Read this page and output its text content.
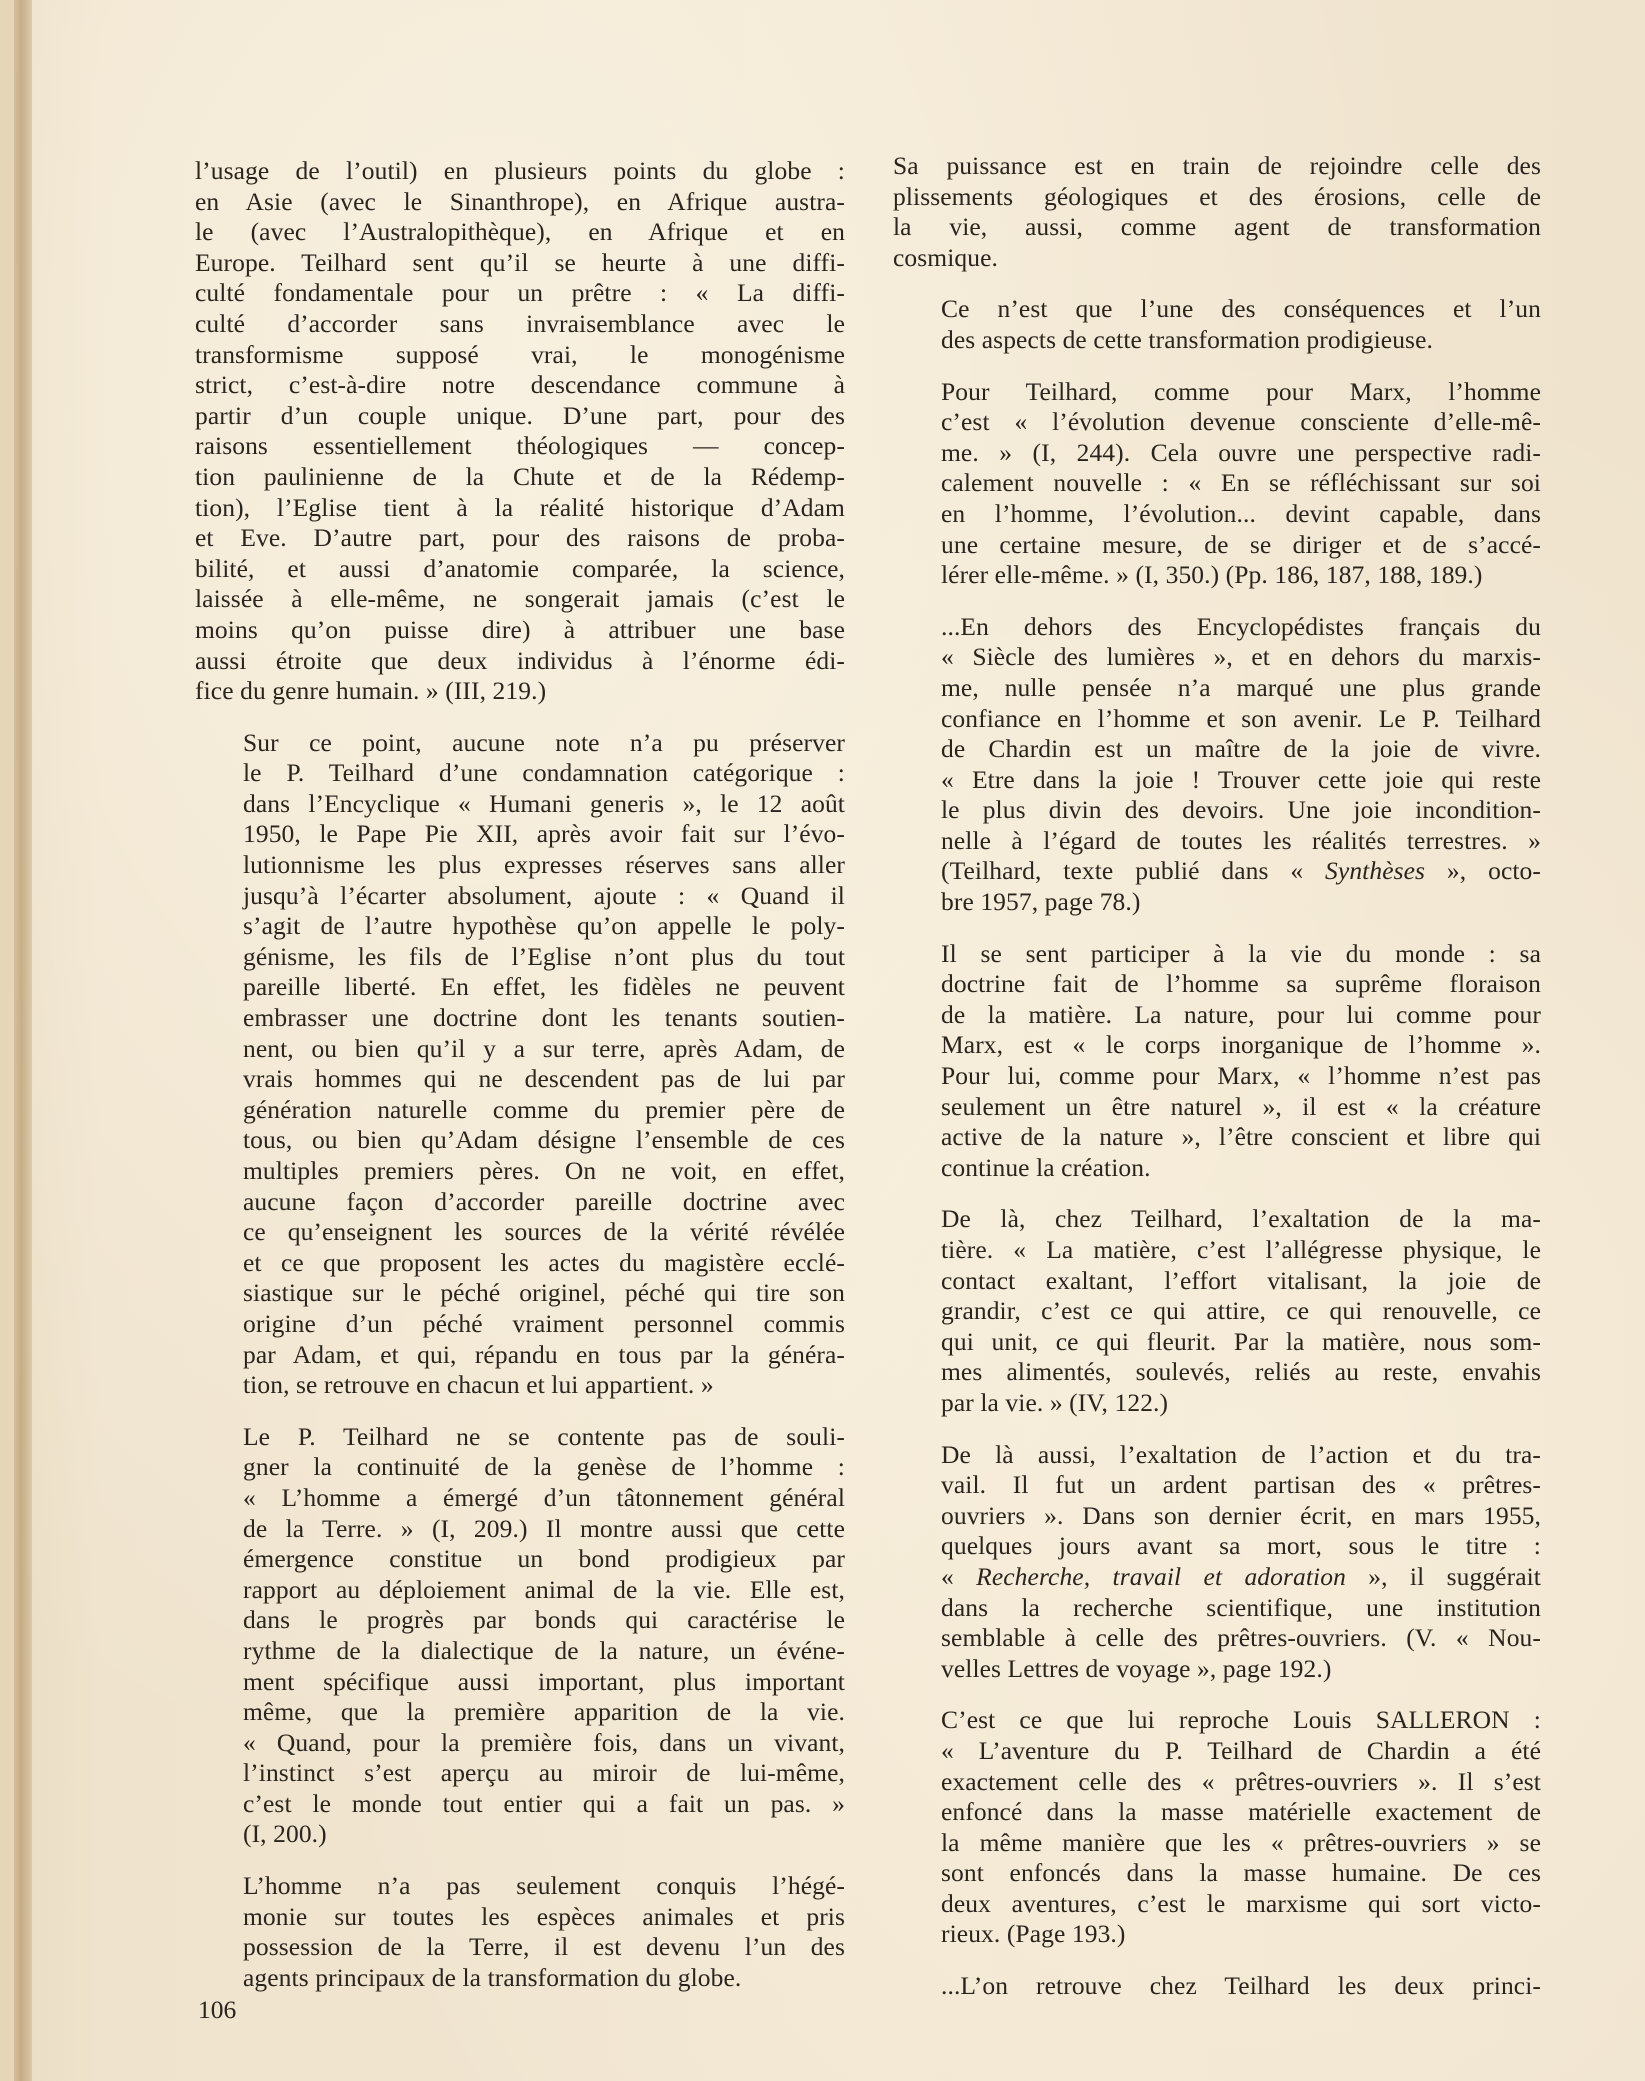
l’usage de l’outil) en plusieurs points du globe :
en Asie (avec le Sinanthrope), en Afrique austra-
le (avec l’Australopithèque), en Afrique et en
Europe. Teilhard sent qu’il se heurte à une diffi-
culté fondamentale pour un prêtre : « La diffi-
culté d’accorder sans invraisemblance avec le
transformisme supposé vrai, le monogénisme
strict, c’est-à-dire notre descendance commune à
partir d’un couple unique. D’une part, pour des
raisons essentiellement théologiques — concep-
tion paulinienne de la Chute et de la Rédemp-
tion), l’Eglise tient à la réalité historique d’Adam
et Eve. D’autre part, pour des raisons de proba-
bilité, et aussi d’anatomie comparée, la science,
laissée à elle-même, ne songerait jamais (c’est le
moins qu’on puisse dire) à attribuer une base
aussi étroite que deux individus à l’énorme édi-
fice du genre humain. » (III, 219.)
Sur ce point, aucune note n’a pu préserver
le P. Teilhard d’une condamnation catégorique :
dans l’Encyclique « Humani generis », le 12 août
1950, le Pape Pie XII, après avoir fait sur l’évo-
lutionnisme les plus expresses réserves sans aller
jusqu’à l’écarter absolument, ajoute : « Quand il
s’agit de l’autre hypothèse qu’on appelle le poly-
génisme, les fils de l’Eglise n’ont plus du tout
pareille liberté. En effet, les fidèles ne peuvent
embrasser une doctrine dont les tenants soutien-
nent, ou bien qu’il y a sur terre, après Adam, de
vrais hommes qui ne descendent pas de lui par
génération naturelle comme du premier père de
tous, ou bien qu’Adam désigne l’ensemble de ces
multiples premiers pères. On ne voit, en effet,
aucune façon d’accorder pareille doctrine avec
ce qu’enseignent les sources de la vérité révélée
et ce que proposent les actes du magistère ecclé-
siastique sur le péché originel, péché qui tire son
origine d’un péché vraiment personnel commis
par Adam, et qui, répandu en tous par la généra-
tion, se retrouve en chacun et lui appartient. »
Le P. Teilhard ne se contente pas de souli-
gner la continuité de la genèse de l’homme :
« L’homme a émergé d’un tâtonnement général
de la Terre. » (I, 209.) Il montre aussi que cette
émergence constitue un bond prodigieux par
rapport au déploiement animal de la vie. Elle est,
dans le progrès par bonds qui caractérise le
rythme de la dialectique de la nature, un événe-
ment spécifique aussi important, plus important
même, que la première apparition de la vie.
« Quand, pour la première fois, dans un vivant,
l’instinct s’est aperçu au miroir de lui-même,
c’est le monde tout entier qui a fait un pas. »
(I, 200.)
L’homme n’a pas seulement conquis l’hégé-
monie sur toutes les espèces animales et pris
possession de la Terre, il est devenu l’un des
agents principaux de la transformation du globe.
Sa puissance est en train de rejoindre celle des
plissements géologiques et des érosions, celle de
la vie, aussi, comme agent de transformation
cosmique.
Ce n’est que l’une des conséquences et l’un
des aspects de cette transformation prodigieuse.
Pour Teilhard, comme pour Marx, l’homme
c’est « l’évolution devenue consciente d’elle-mê-
me. » (I, 244). Cela ouvre une perspective radi-
calement nouvelle : « En se réfléchissant sur soi
en l’homme, l’évolution... devint capable, dans
une certaine mesure, de se diriger et de s’accé-
lérer elle-même. » (I, 350.) (Pp. 186, 187, 188, 189.)
...En dehors des Encyclopédistes français du
« Siècle des lumières », et en dehors du marxis-
me, nulle pensée n’a marqué une plus grande
confiance en l’homme et son avenir. Le P. Teilhard
de Chardin est un maître de la joie de vivre.
« Etre dans la joie ! Trouver cette joie qui reste
le plus divin des devoirs. Une joie incondition-
nelle à l’égard de toutes les réalités terrestres. »
(Teilhard, texte publié dans « Synthèses », octo-
bre 1957, page 78.)
Il se sent participer à la vie du monde : sa
doctrine fait de l’homme sa suprême floraison
de la matière. La nature, pour lui comme pour
Marx, est « le corps inorganique de l’homme ».
Pour lui, comme pour Marx, « l’homme n’est pas
seulement un être naturel », il est « la créature
active de la nature », l’être conscient et libre qui
continue la création.
De là, chez Teilhard, l’exaltation de la ma-
tière. « La matière, c’est l’allégresse physique, le
contact exaltant, l’effort vitalisant, la joie de
grandir, c’est ce qui attire, ce qui renouvelle, ce
qui unit, ce qui fleurit. Par la matière, nous som-
mes alimentés, soulevés, reliés au reste, envahis
par la vie. » (IV, 122.)
De là aussi, l’exaltation de l’action et du tra-
vail. Il fut un ardent partisan des « prêtres-
ouvriers ». Dans son dernier écrit, en mars 1955,
quelques jours avant sa mort, sous le titre :
« Recherche, travail et adoration », il suggérait
dans la recherche scientifique, une institution
semblable à celle des prêtres-ouvriers. (V. « Nou-
velles Lettres de voyage », page 192.)
C’est ce que lui reproche Louis SALLERON :
« L’aventure du P. Teilhard de Chardin a été
exactement celle des « prêtres-ouvriers ». Il s’est
enfoncé dans la masse matérielle exactement de
la même manière que les « prêtres-ouvriers » se
sont enfoncés dans la masse humaine. De ces
deux aventures, c’est le marxisme qui sort victo-
rieux. (Page 193.)
...L’on retrouve chez Teilhard les deux princi-
106
